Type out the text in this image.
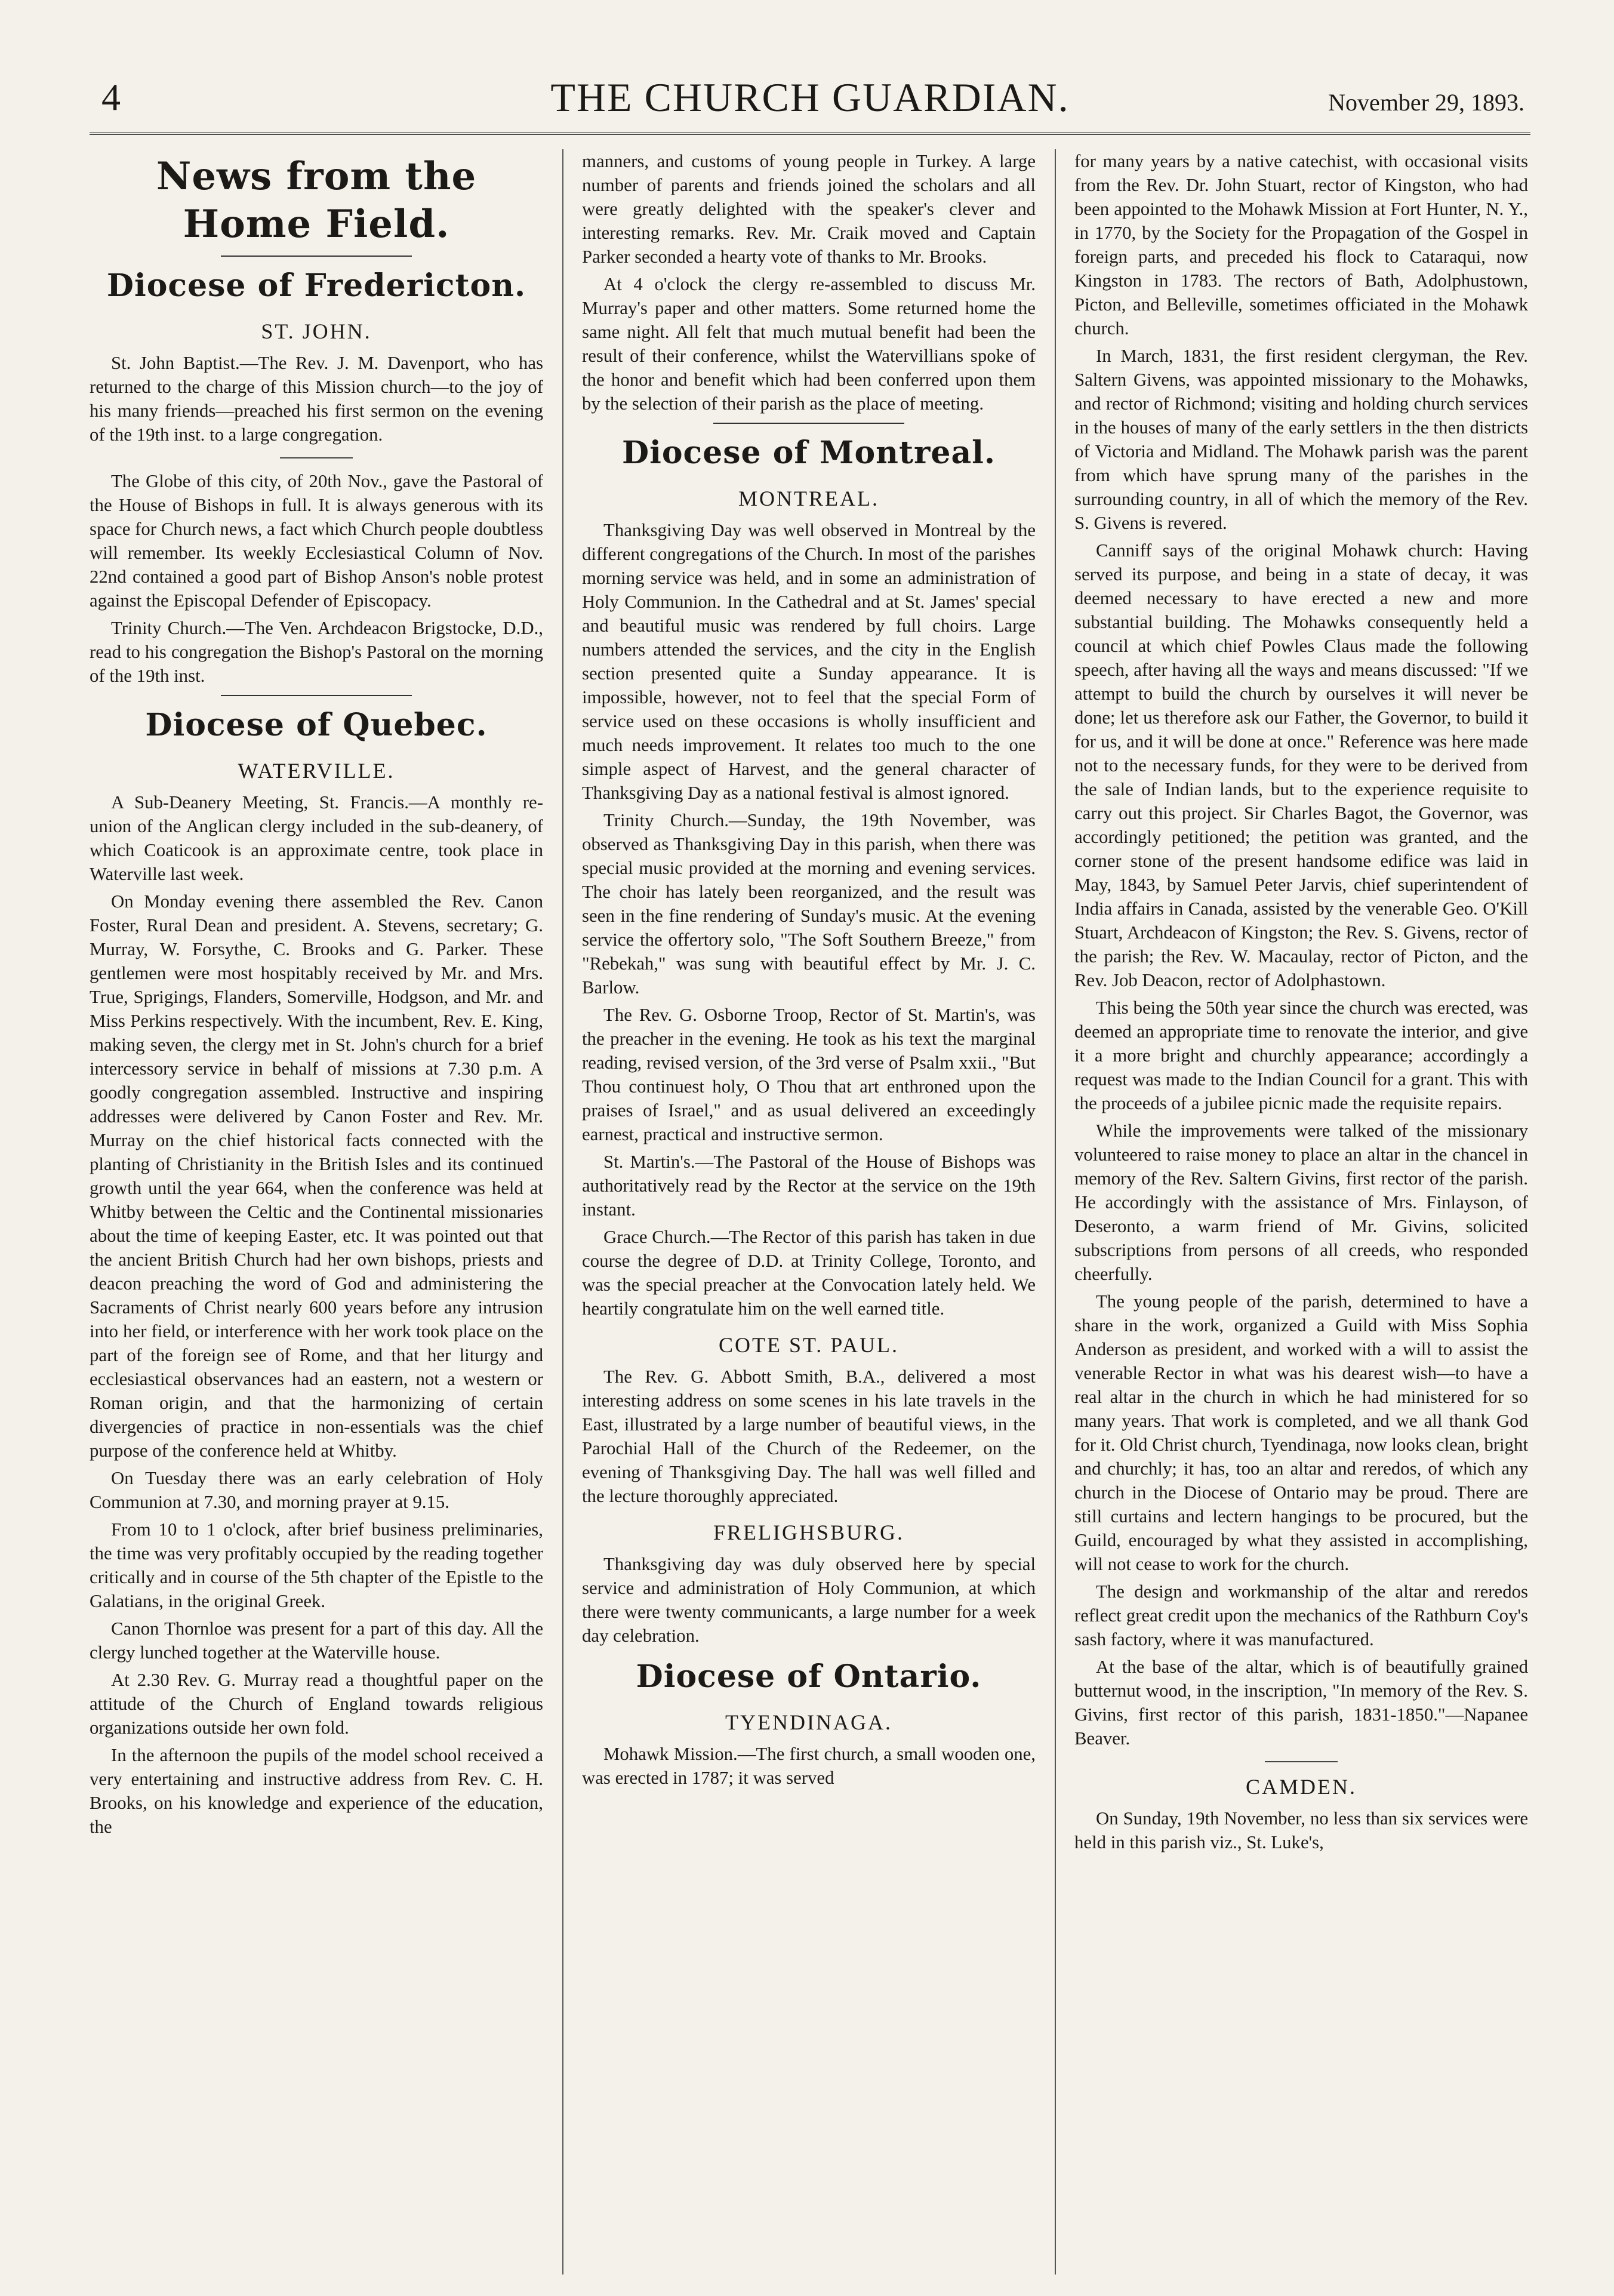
4	THE CHURCH GUARDIAN.	November 29, 1893.
News from the Home Field.
Diocese of Fredericton.
ST. JOHN.

St. John Baptist.—The Rev. J. M. Davenport, who has returned to the charge of this Mission church—to the joy of his many friends—preached his first sermon on the evening of the 19th inst. to a large congregation.

The Globe of this city, of 20th Nov., gave the Pastoral of the House of Bishops in full. It is always generous with its space for Church news, a fact which Church people doubtless will remember. Its weekly Ecclesiastical Column of Nov. 22nd contained a good part of Bishop Anson's noble protest against the Episcopal Defender of Episcopacy.

Trinity Church.—The Ven. Archdeacon Brigstocke, D.D., read to his congregation the Bishop's Pastoral on the morning of the 19th inst.

Diocese of Quebec.
WATERVILLE.

A Sub-Deanery Meeting, St. Francis.—A monthly re-union of the Anglican clergy included in the sub-deanery, of which Coaticook is an approximate centre, took place in Waterville last week.

On Monday evening there assembled the Rev. Canon Foster, Rural Dean and president. A. Stevens, secretary; G. Murray, W. Forsythe, C. Brooks and G. Parker. These gentlemen were most hospitably received by Mr. and Mrs. True, Sprigings, Flanders, Somerville, Hodgson, and Mr. and Miss Perkins respectively. With the incumbent, Rev. E. King, making seven, the clergy met in St. John's church for a brief intercessory service in behalf of missions at 7.30 p.m. A goodly congregation assembled. Instructive and inspiring addresses were delivered by Canon Foster and Rev. Mr. Murray on the chief historical facts connected with the planting of Christianity in the British Isles and its continued growth until the year 664, when the conference was held at Whitby between the Celtic and the Continental missionaries about the time of keeping Easter, etc. It was pointed out that the ancient British Church had her own bishops, priests and deacon preaching the word of God and administering the Sacraments of Christ nearly 600 years before any intrusion into her field, or interference with her work took place on the part of the foreign see of Rome, and that her liturgy and ecclesiastical observances had an eastern, not a western or Roman origin, and that the harmonizing of certain divergencies of practice in non-essentials was the chief purpose of the conference held at Whitby.

On Tuesday there was an early celebration of Holy Communion at 7.30, and morning prayer at 9.15.

From 10 to 1 o'clock, after brief business preliminaries, the time was very profitably occupied by the reading together critically and in course of the 5th chapter of the Epistle to the Galatians, in the original Greek.

Canon Thornloe was present for a part of this day. All the clergy lunched together at the Waterville house.

At 2.30 Rev. G. Murray read a thoughtful paper on the attitude of the Church of England towards religious organizations outside her own fold.

In the afternoon the pupils of the model school received a very entertaining and instructive address from Rev. C. H. Brooks, on his knowledge and experience of the education, the

manners, and customs of young people in Turkey. A large number of parents and friends joined the scholars and all were greatly delighted with the speaker's clever and interesting remarks. Rev. Mr. Craik moved and Captain Parker seconded a hearty vote of thanks to Mr. Brooks.

At 4 o'clock the clergy re-assembled to discuss Mr. Murray's paper and other matters. Some returned home the same night. All felt that much mutual benefit had been the result of their conference, whilst the Watervillians spoke of the honor and benefit which had been conferred upon them by the selection of their parish as the place of meeting.

Diocese of Montreal.
MONTREAL.

Thanksgiving Day was well observed in Montreal by the different congregations of the Church. In most of the parishes morning service was held, and in some an administration of Holy Communion. In the Cathedral and at St. James' special and beautiful music was rendered by full choirs. Large numbers attended the services, and the city in the English section presented quite a Sunday appearance. It is impossible, however, not to feel that the special Form of service used on these occasions is wholly insufficient and much needs improvement. It relates too much to the one simple aspect of Harvest, and the general character of Thanksgiving Day as a national festival is almost ignored.

Trinity Church.—Sunday, the 19th November, was observed as Thanksgiving Day in this parish, when there was special music provided at the morning and evening services. The choir has lately been reorganized, and the result was seen in the fine rendering of Sunday's music. At the evening service the offertory solo, "The Soft Southern Breeze," from "Rebekah," was sung with beautiful effect by Mr. J. C. Barlow.

The Rev. G. Osborne Troop, Rector of St. Martin's, was the preacher in the evening. He took as his text the marginal reading, revised version, of the 3rd verse of Psalm xxii., "But Thou continuest holy, O Thou that art enthroned upon the praises of Israel," and as usual delivered an exceedingly earnest, practical and instructive sermon.

St. Martin's.—The Pastoral of the House of Bishops was authoritatively read by the Rector at the service on the 19th instant.

Grace Church.—The Rector of this parish has taken in due course the degree of D.D. at Trinity College, Toronto, and was the special preacher at the Convocation lately held. We heartily congratulate him on the well earned title.

COTE ST. PAUL.

The Rev. G. Abbott Smith, B.A., delivered a most interesting address on some scenes in his late travels in the East, illustrated by a large number of beautiful views, in the Parochial Hall of the Church of the Redeemer, on the evening of Thanksgiving Day. The hall was well filled and the lecture thoroughly appreciated.

FRELIGHSBURG.

Thanksgiving day was duly observed here by special service and administration of Holy Communion, at which there were twenty communicants, a large number for a week day celebration.

Diocese of Ontario.
TYENDINAGA.

Mohawk Mission.—The first church, a small wooden one, was erected in 1787; it was served

for many years by a native catechist, with occasional visits from the Rev. Dr. John Stuart, rector of Kingston, who had been appointed to the Mohawk Mission at Fort Hunter, N. Y., in 1770, by the Society for the Propagation of the Gospel in foreign parts, and preceded his flock to Cataraqui, now Kingston in 1783. The rectors of Bath, Adolphustown, Picton, and Belleville, sometimes officiated in the Mohawk church.

In March, 1831, the first resident clergyman, the Rev. Saltern Givens, was appointed missionary to the Mohawks, and rector of Richmond; visiting and holding church services in the houses of many of the early settlers in the then districts of Victoria and Midland. The Mohawk parish was the parent from which have sprung many of the parishes in the surrounding country, in all of which the memory of the Rev. S. Givens is revered.

Canniff says of the original Mohawk church: Having served its purpose, and being in a state of decay, it was deemed necessary to have erected a new and more substantial building. The Mohawks consequently held a council at which chief Powles Claus made the following speech, after having all the ways and means discussed: "If we attempt to build the church by ourselves it will never be done; let us therefore ask our Father, the Governor, to build it for us, and it will be done at once." Reference was here made not to the necessary funds, for they were to be derived from the sale of Indian lands, but to the experience requisite to carry out this project. Sir Charles Bagot, the Governor, was accordingly petitioned; the petition was granted, and the corner stone of the present handsome edifice was laid in May, 1843, by Samuel Peter Jarvis, chief superintendent of India affairs in Canada, assisted by the venerable Geo. O'Kill Stuart, Archdeacon of Kingston; the Rev. S. Givens, rector of the parish; the Rev. W. Macaulay, rector of Picton, and the Rev. Job Deacon, rector of Adolphastown.

This being the 50th year since the church was erected, was deemed an appropriate time to renovate the interior, and give it a more bright and churchly appearance; accordingly a request was made to the Indian Council for a grant. This with the proceeds of a jubilee picnic made the requisite repairs.

While the improvements were talked of the missionary volunteered to raise money to place an altar in the chancel in memory of the Rev. Saltern Givins, first rector of the parish. He accordingly with the assistance of Mrs. Finlayson, of Deseronto, a warm friend of Mr. Givins, solicited subscriptions from persons of all creeds, who responded cheerfully.

The young people of the parish, determined to have a share in the work, organized a Guild with Miss Sophia Anderson as president, and worked with a will to assist the venerable Rector in what was his dearest wish—to have a real altar in the church in which he had ministered for so many years. That work is completed, and we all thank God for it. Old Christ church, Tyendinaga, now looks clean, bright and churchly; it has, too an altar and reredos, of which any church in the Diocese of Ontario may be proud. There are still curtains and lectern hangings to be procured, but the Guild, encouraged by what they assisted in accomplishing, will not cease to work for the church.

The design and workmanship of the altar and reredos reflect great credit upon the mechanics of the Rathburn Coy's sash factory, where it was manufactured.

At the base of the altar, which is of beautifully grained butternut wood, in the inscription, "In memory of the Rev. S. Givins, first rector of this parish, 1831-1850."—Napanee Beaver.

CAMDEN.

On Sunday, 19th November, no less than six services were held in this parish viz., St. Luke's,
